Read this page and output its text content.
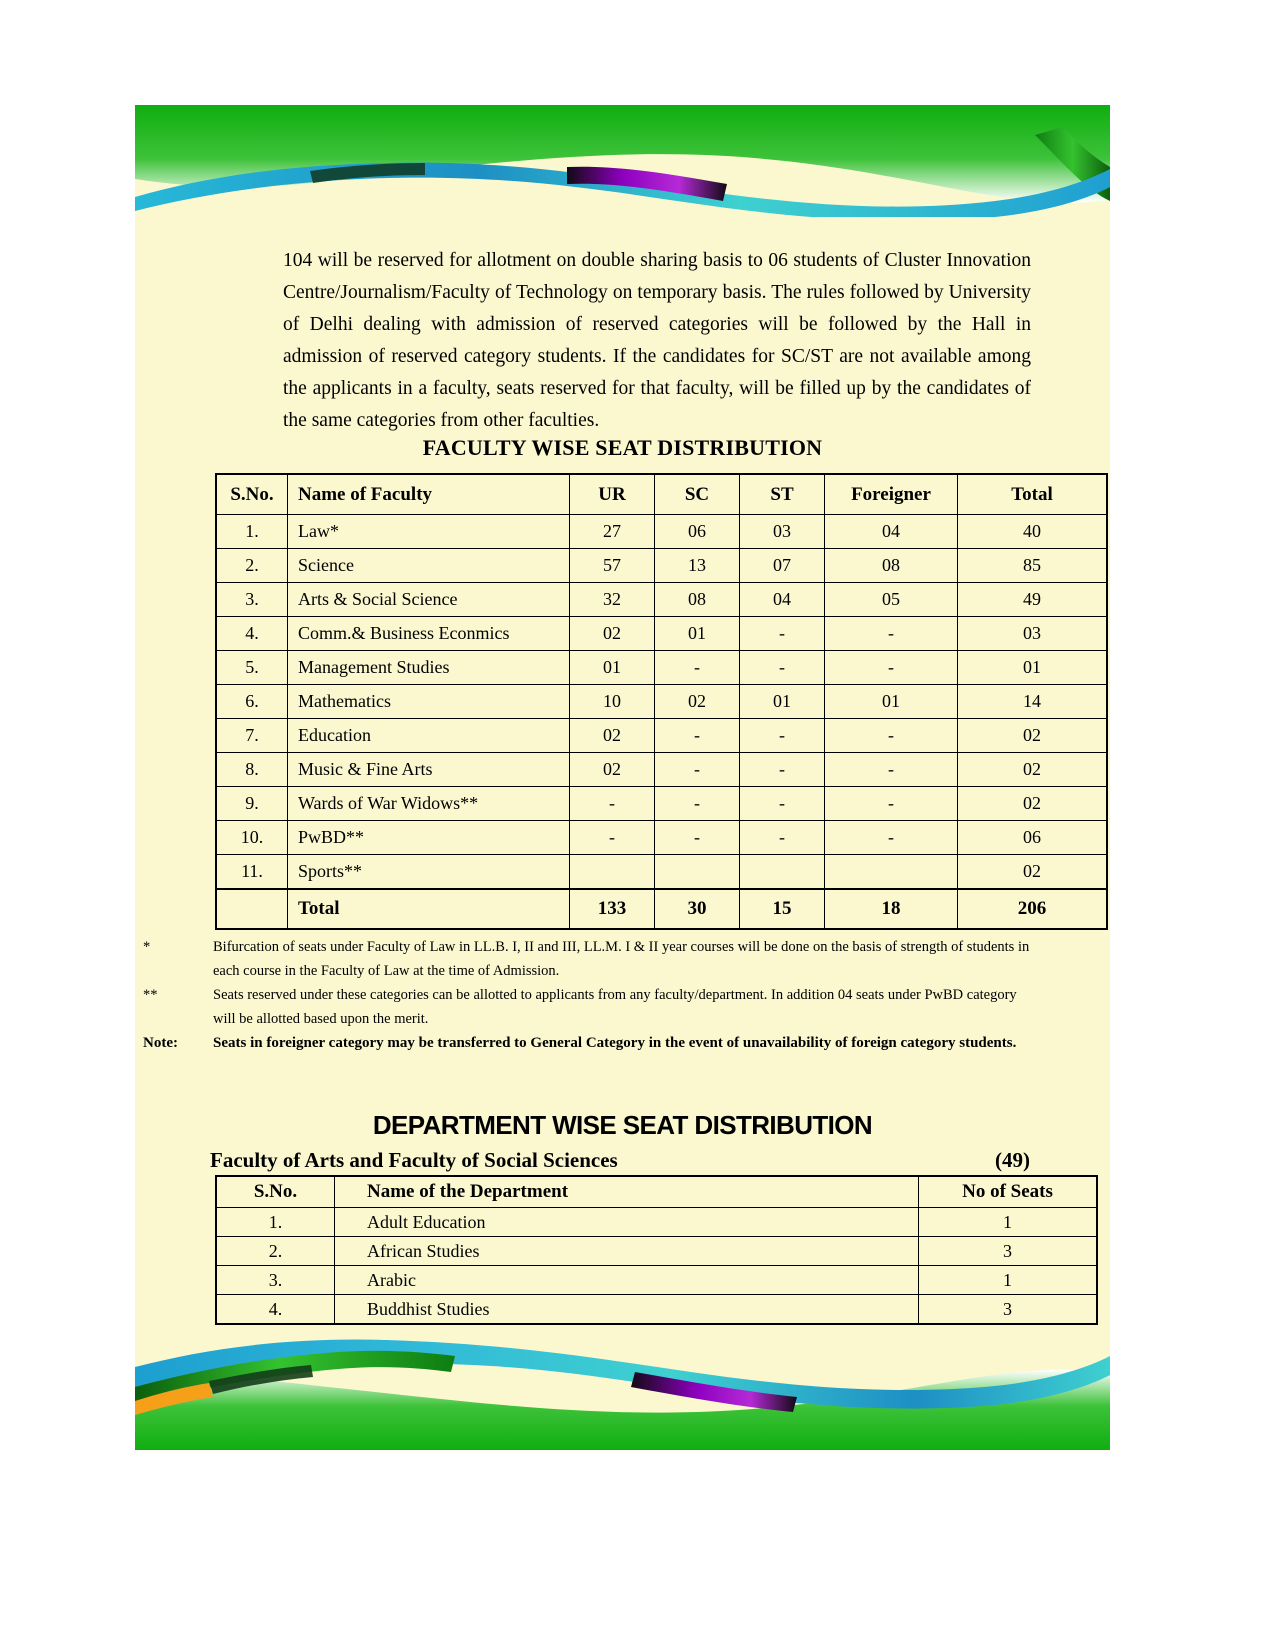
104 will be reserved for allotment on double sharing basis to 06 students of Cluster Innovation Centre/Journalism/Faculty of Technology on temporary basis. The rules followed by University of Delhi dealing with admission of reserved categories will be followed by the Hall in admission of reserved category students. If the candidates for SC/ST are not available among the applicants in a faculty, seats reserved for that faculty, will be filled up by the candidates of the same categories from other faculties.
FACULTY WISE SEAT DISTRIBUTION
S.No.	Name of Faculty	UR	SC	ST	Foreigner	Total
1.	Law*	27	06	03	04	40
2.	Science	57	13	07	08	85
3.	Arts & Social Science	32	08	04	05	49
4.	Comm.& Business Econmics	02	01	-	-	03
5.	Management Studies	01	-	-	-	01
6.	Mathematics	10	02	01	01	14
7.	Education	02	-	-	-	02
8.	Music & Fine Arts	02	-	-	-	02
9.	Wards of War Widows**	-	-	-	-	02
10.	PwBD**	-	-	-	-	06
11.	Sports**					02
	Total	133	30	15	18	206
*	Bifurcation of seats under Faculty of Law in LL.B. I, II and III, LL.M. I & II year courses will be done on the basis of strength of students in each course in the Faculty of Law at the time of Admission.
**	Seats reserved under these categories can be allotted to applicants from any faculty/department. In addition 04 seats under PwBD category will be allotted based upon the merit.
Note:	Seats in foreigner category may be transferred to General Category in the event of unavailability of foreign category students.
DEPARTMENT WISE SEAT DISTRIBUTION
Faculty of Arts and Faculty of Social Sciences	(49)
S.No.	Name of the Department	No of Seats
1.	Adult Education	1
2.	African Studies	3
3.	Arabic	1
4.	Buddhist Studies	3
